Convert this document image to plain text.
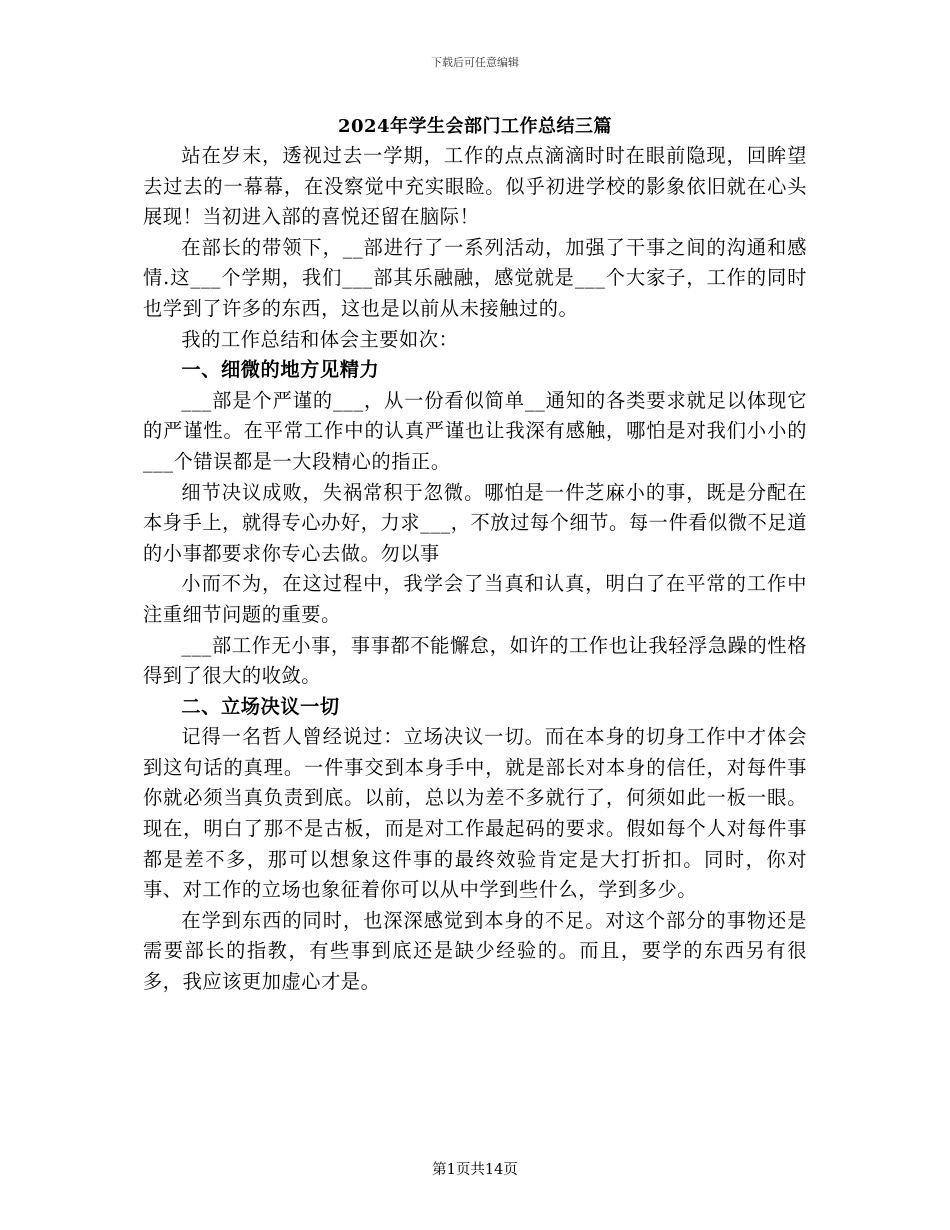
下载后可任意编辑
2024年学生会部门工作总结三篇

站在岁末，透视过去一学期，工作的点点滴滴时时在眼前隐现，回眸望去过去的一幕幕，在没察觉中充实眼睑。似乎初进学校的影象依旧就在心头展现！当初进入部的喜悦还留在脑际！

在部长的带领下，__部进行了一系列活动，加强了干事之间的沟通和感情.这___个学期，我们___部其乐融融，感觉就是___个大家子，工作的同时也学到了许多的东西，这也是以前从未接触过的。

我的工作总结和体会主要如次：

一、细微的地方见精力

___部是个严谨的___，从一份看似简单__通知的各类要求就足以体现它的严谨性。在平常工作中的认真严谨也让我深有感触，哪怕是对我们小小的___个错误都是一大段精心的指正。

细节决议成败，失祸常积于忽微。哪怕是一件芝麻小的事，既是分配在本身手上，就得专心办好，力求___，不放过每个细节。每一件看似微不足道的小事都要求你专心去做。勿以事

小而不为，在这过程中，我学会了当真和认真，明白了在平常的工作中注重细节问题的重要。

___部工作无小事，事事都不能懈怠，如许的工作也让我轻浮急躁的性格得到了很大的收敛。

二、立场决议一切

记得一名哲人曾经说过：立场决议一切。而在本身的切身工作中才体会到这句话的真理。一件事交到本身手中，就是部长对本身的信任，对每件事你就必须当真负责到底。以前，总以为差不多就行了，何须如此一板一眼。现在，明白了那不是古板，而是对工作最起码的要求。假如每个人对每件事都是差不多，那可以想象这件事的最终效验肯定是大打折扣。同时，你对事、对工作的立场也象征着你可以从中学到些什么，学到多少。

在学到东西的同时，也深深感觉到本身的不足。对这个部分的事物还是需要部长的指教，有些事到底还是缺少经验的。而且，要学的东西另有很多，我应该更加虚心才是。

第1页共14页
